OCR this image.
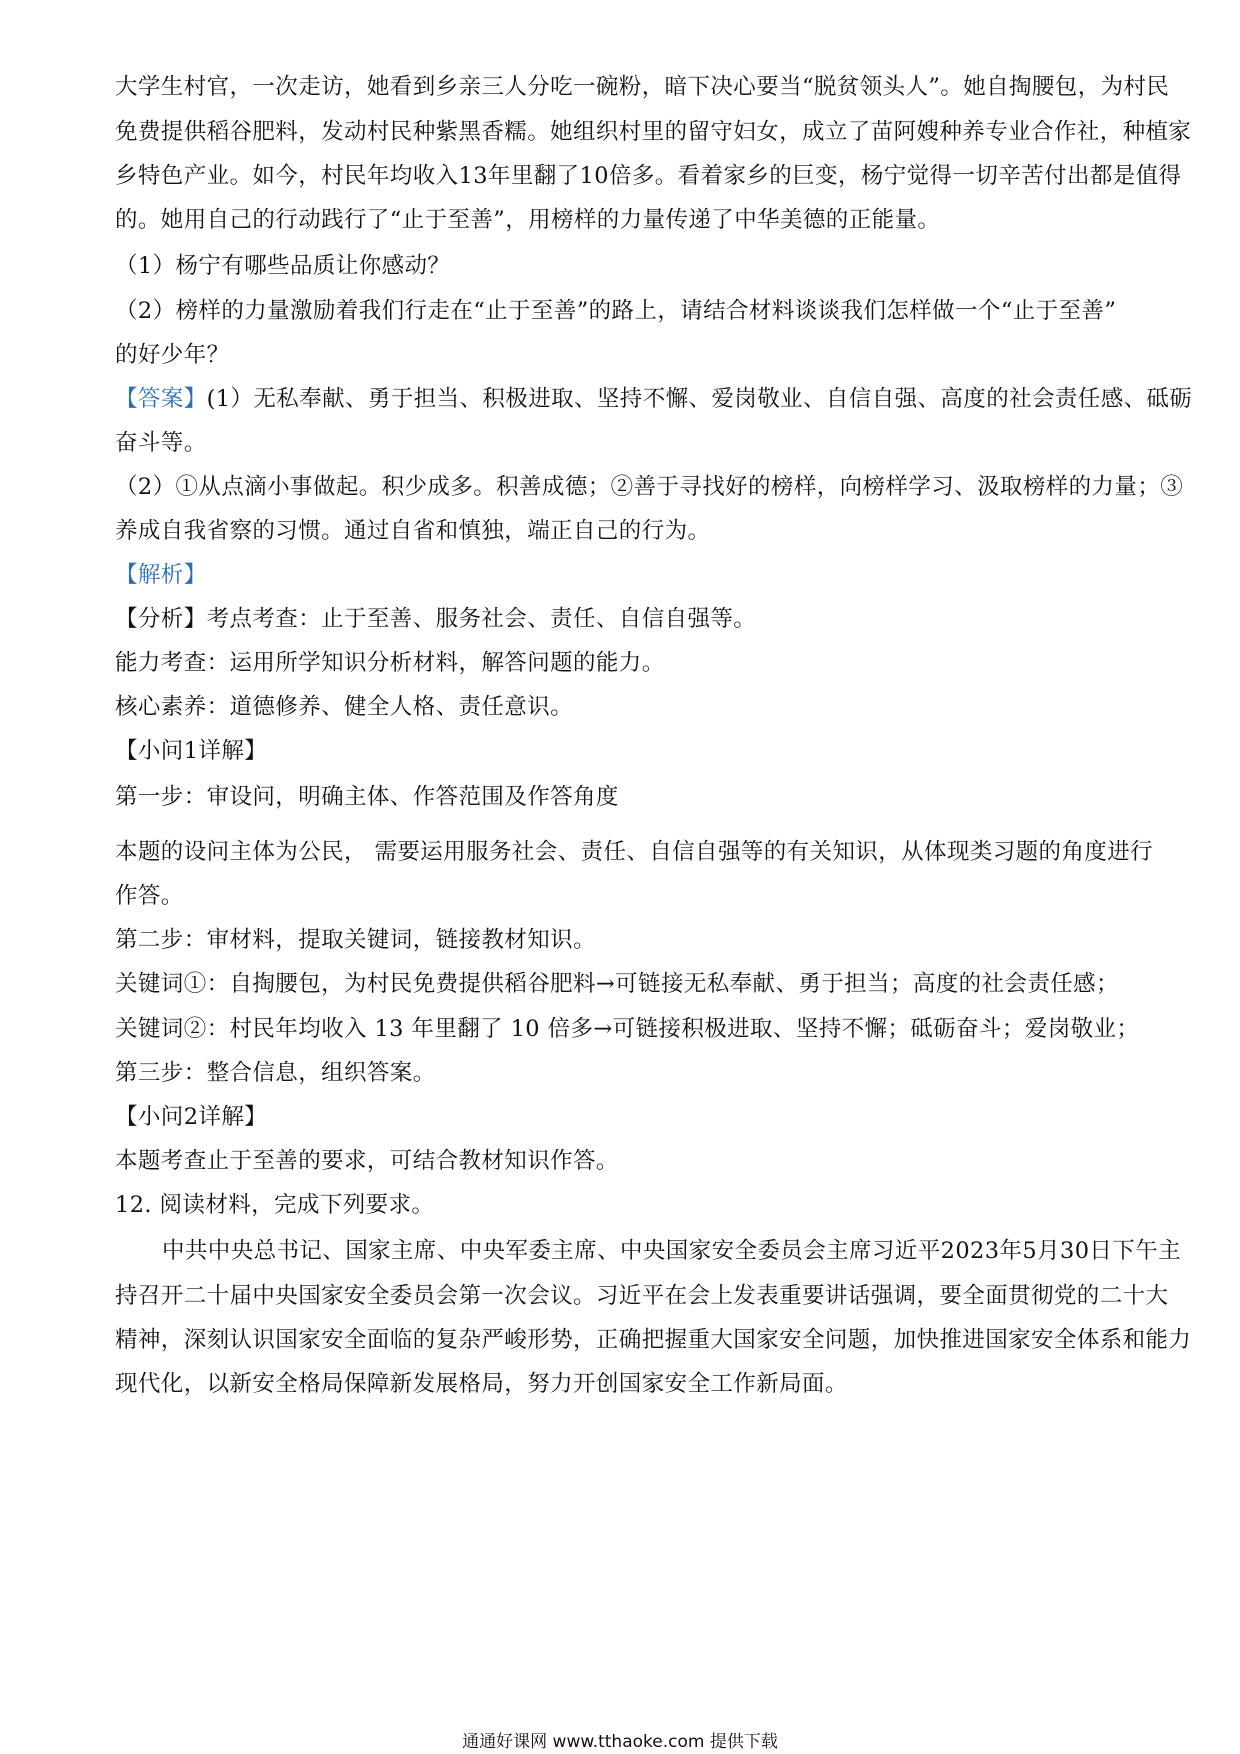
大学生村官，一次走访，她看到乡亲三人分吃一碗粉，暗下决心要当“脱贫领头人”。她自掏腰包，为村民
免费提供稻谷肥料，发动村民种紫黑香糯。她组织村里的留守妇女，成立了苗阿嫂种养专业合作社，种植家
乡特色产业。如今，村民年均收入13年里翻了10倍多。看着家乡的巨变，杨宁觉得一切辛苦付出都是值得
的。她用自己的行动践行了“止于至善”，用榜样的力量传递了中华美德的正能量。
（1）杨宁有哪些品质让你感动？
（2）榜样的力量激励着我们行走在“止于至善”的路上，请结合材料谈谈我们怎样做一个“止于至善”
的好少年？
【答案】(1）无私奉献、勇于担当、积极进取、坚持不懈、爱岗敬业、自信自强、高度的社会责任感、砥砺
奋斗等。
（2）①从点滴小事做起。积少成多。积善成德；②善于寻找好的榜样，向榜样学习、汲取榜样的力量；③
养成自我省察的习惯。通过自省和慎独，端正自己的行为。
【解析】
【分析】考点考查：止于至善、服务社会、责任、自信自强等。
能力考查：运用所学知识分析材料，解答问题的能力。
核心素养：道德修养、健全人格、责任意识。
【小问1详解】
第一步：审设问，明确主体、作答范围及作答角度
本题的设问主体为公民， 需要运用服务社会、责任、自信自强等的有关知识，从体现类习题的角度进行
作答。
第二步：审材料，提取关键词，链接教材知识。
关键词①：自掏腰包，为村民免费提供稻谷肥料→可链接无私奉献、勇于担当；高度的社会责任感；
关键词②：村民年均收入 13 年里翻了 10 倍多→可链接积极进取、坚持不懈；砥砺奋斗；爱岗敬业；
第三步：整合信息，组织答案。
【小问2详解】
本题考查止于至善的要求，可结合教材知识作答。
12. 阅读材料，完成下列要求。
中共中央总书记、国家主席、中央军委主席、中央国家安全委员会主席习近平2023年5月30日下午主
持召开二十届中央国家安全委员会第一次会议。习近平在会上发表重要讲话强调，要全面贯彻党的二十大
精神，深刻认识国家安全面临的复杂严峻形势，正确把握重大国家安全问题，加快推进国家安全体系和能力
现代化，以新安全格局保障新发展格局，努力开创国家安全工作新局面。
通通好课网 www.tthaoke.com 提供下载
